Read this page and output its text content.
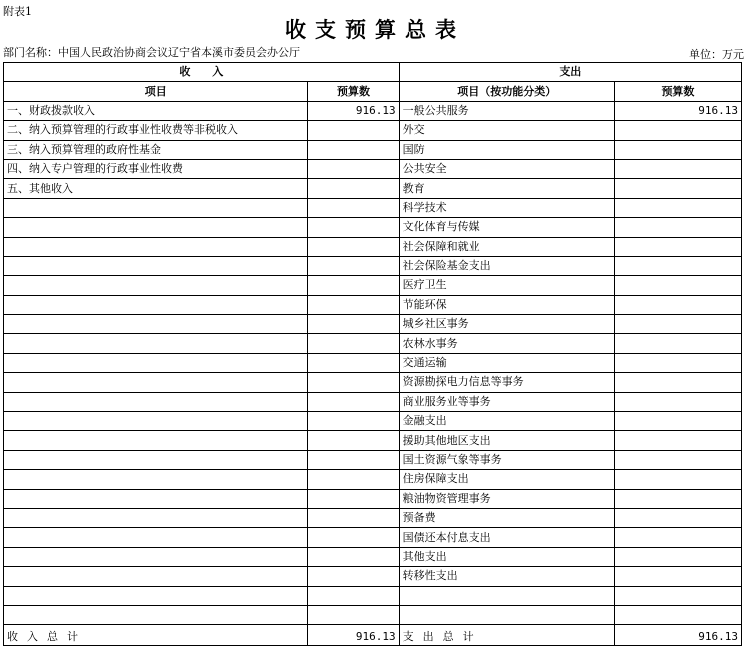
附表1
收支预算总表
部门名称：中国人民政治协商会议辽宁省本溪市委员会办公厅	单位：万元
收　　入		支出	
项目	预算数	项目（按功能分类）	预算数
一、财政拨款收入	916.13	一般公共服务	916.13
二、纳入预算管理的行政事业性收费等非税收入		外交	
三、纳入预算管理的政府性基金		国防	
四、纳入专户管理的行政事业性收费		公共安全	
五、其他收入		教育	
		科学技术	
		文化体育与传媒	
		社会保障和就业	
		社会保险基金支出	
		医疗卫生	
		节能环保	
		城乡社区事务	
		农林水事务	
		交通运输	
		资源勘探电力信息等事务	
		商业服务业等事务	
		金融支出	
		援助其他地区支出	
		国土资源气象等事务	
		住房保障支出	
		粮油物资管理事务	
		预备费	
		国债还本付息支出	
		其他支出	
		转移性支出	

收入总计	916.13	支出总计	916.13
